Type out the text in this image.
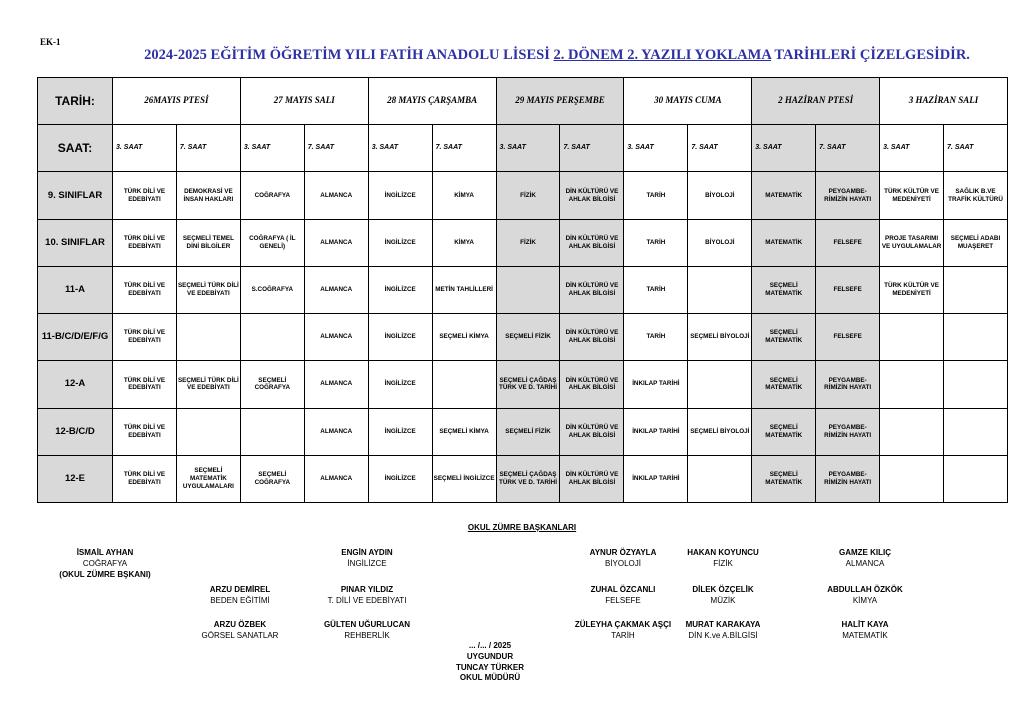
EK-1
2024-2025 EĞİTİM ÖĞRETİM YILI FATİH ANADOLU LİSESİ 2. DÖNEM 2. YAZILI YOKLAMA TARİHLERİ ÇİZELGESİDİR.
TARİH:	26MAYIS PTESİ		27 MAYIS SALI		28 MAYIS ÇARŞAMBA		29 MAYIS PERŞEMBE		30 MAYIS CUMA		2 HAZİRAN PTESİ		3 HAZİRAN SALI	
SAAT:	3. SAAT	7. SAAT	3. SAAT	7. SAAT	3. SAAT	7. SAAT	3. SAAT	7. SAAT	3. SAAT	7. SAAT	3. SAAT	7. SAAT	3. SAAT	7. SAAT
9. SINIFLAR	TÜRK DİLİ VE EDEBİYATI	DEMOKRASİ VE İNSAN HAKLARI	COĞRAFYA	ALMANCA	İNGİLİZCE	KİMYA	FİZİK	DİN KÜLTÜRÜ VE AHLAK BİLGİSİ	TARİH	BİYOLOJİ	MATEMATİK	PEYGAMBE-RİMİZİN HAYATI	TÜRK KÜLTÜR VE MEDENİYETİ	SAĞLIK B.VE TRAFİK KÜLTÜRÜ
10. SINIFLAR	TÜRK DİLİ VE EDEBİYATI	SEÇMELİ TEMEL DİNİ BİLGİLER	COĞRAFYA ( İL GENELİ)	ALMANCA	İNGİLİZCE	KİMYA	FİZİK	DİN KÜLTÜRÜ VE AHLAK BİLGİSİ	TARİH	BİYOLOJİ	MATEMATİK	FELSEFE	PROJE TASARIMI VE UYGULAMALAR	SEÇMELİ ADABI MUAŞERET
11-A	TÜRK DİLİ VE EDEBİYATI	SEÇMELİ TÜRK DİLİ VE EDEBİYATI	S.COĞRAFYA	ALMANCA	İNGİLİZCE	METİN TAHLİLLERİ		DİN KÜLTÜRÜ VE AHLAK BİLGİSİ	TARİH		SEÇMELİ MATEMATİK	FELSEFE	TÜRK KÜLTÜR VE MEDENİYETİ	
11-B/C/D/E/F/G	TÜRK DİLİ VE EDEBİYATI			ALMANCA	İNGİLİZCE	SEÇMELİ KİMYA	SEÇMELİ FİZİK	DİN KÜLTÜRÜ VE AHLAK BİLGİSİ	TARİH	SEÇMELİ BİYOLOJİ	SEÇMELİ MATEMATİK	FELSEFE		
12-A	TÜRK DİLİ VE EDEBİYATI	SEÇMELİ TÜRK DİLİ VE EDEBİYATI	SEÇMELİ COĞRAFYA	ALMANCA	İNGİLİZCE		SEÇMELİ ÇAĞDAŞ TÜRK VE D. TARİHİ	DİN KÜLTÜRÜ VE AHLAK BİLGİSİ	İNKILAP TARİHİ		SEÇMELİ MATEMATİK	PEYGAMBE-RİMİZİN HAYATI		
12-B/C/D	TÜRK DİLİ VE EDEBİYATI			ALMANCA	İNGİLİZCE	SEÇMELİ KİMYA	SEÇMELİ FİZİK	DİN KÜLTÜRÜ VE AHLAK BİLGİSİ	İNKILAP TARİHİ	SEÇMELİ BİYOLOJİ	SEÇMELİ MATEMATİK	PEYGAMBE-RİMİZİN HAYATI		
12-E	TÜRK DİLİ VE EDEBİYATI	SEÇMELİ MATEMATİK UYGULAMALARI	SEÇMELİ COĞRAFYA	ALMANCA	İNGİLİZCE	SEÇMELİ İNGİLİZCE	SEÇMELİ ÇAĞDAŞ TÜRK VE D. TARİHİ	DİN KÜLTÜRÜ VE AHLAK BİLGİSİ	İNKILAP TARİHİ		SEÇMELİ MATEMATİK	PEYGAMBE-RİMİZİN HAYATI		
OKUL ZÜMRE BAŞKANLARI
İSMAİL AYHAN
COĞRAFYA
(OKUL ZÜMRE BŞKANI)
ENGİN AYDIN
İNGİLİZCE
AYNUR ÖZYAYLA
BİYOLOJİ
HAKAN KOYUNCU
FİZİK
GAMZE KILIÇ
ALMANCA
ARZU DEMİREL
BEDEN EĞİTİMİ
PINAR YILDIZ
T. DİLİ VE EDEBİYATI
ZUHAL ÖZCANLI
FELSEFE
DİLEK ÖZÇELİK
MÜZİK
ABDULLAH ÖZKÖK
KİMYA
ARZU ÖZBEK
GÖRSEL SANATLAR
GÜLTEN UĞURLUCAN
REHBERLİK
ZÜLEYHA ÇAKMAK AŞÇI
TARİH
MURAT KARAKAYA
DİN K.ve A.BİLGİSİ
HALİT KAYA
MATEMATİK
... /... / 2025
UYGUNDUR
TUNCAY TÜRKER
OKUL MÜDÜRÜ
